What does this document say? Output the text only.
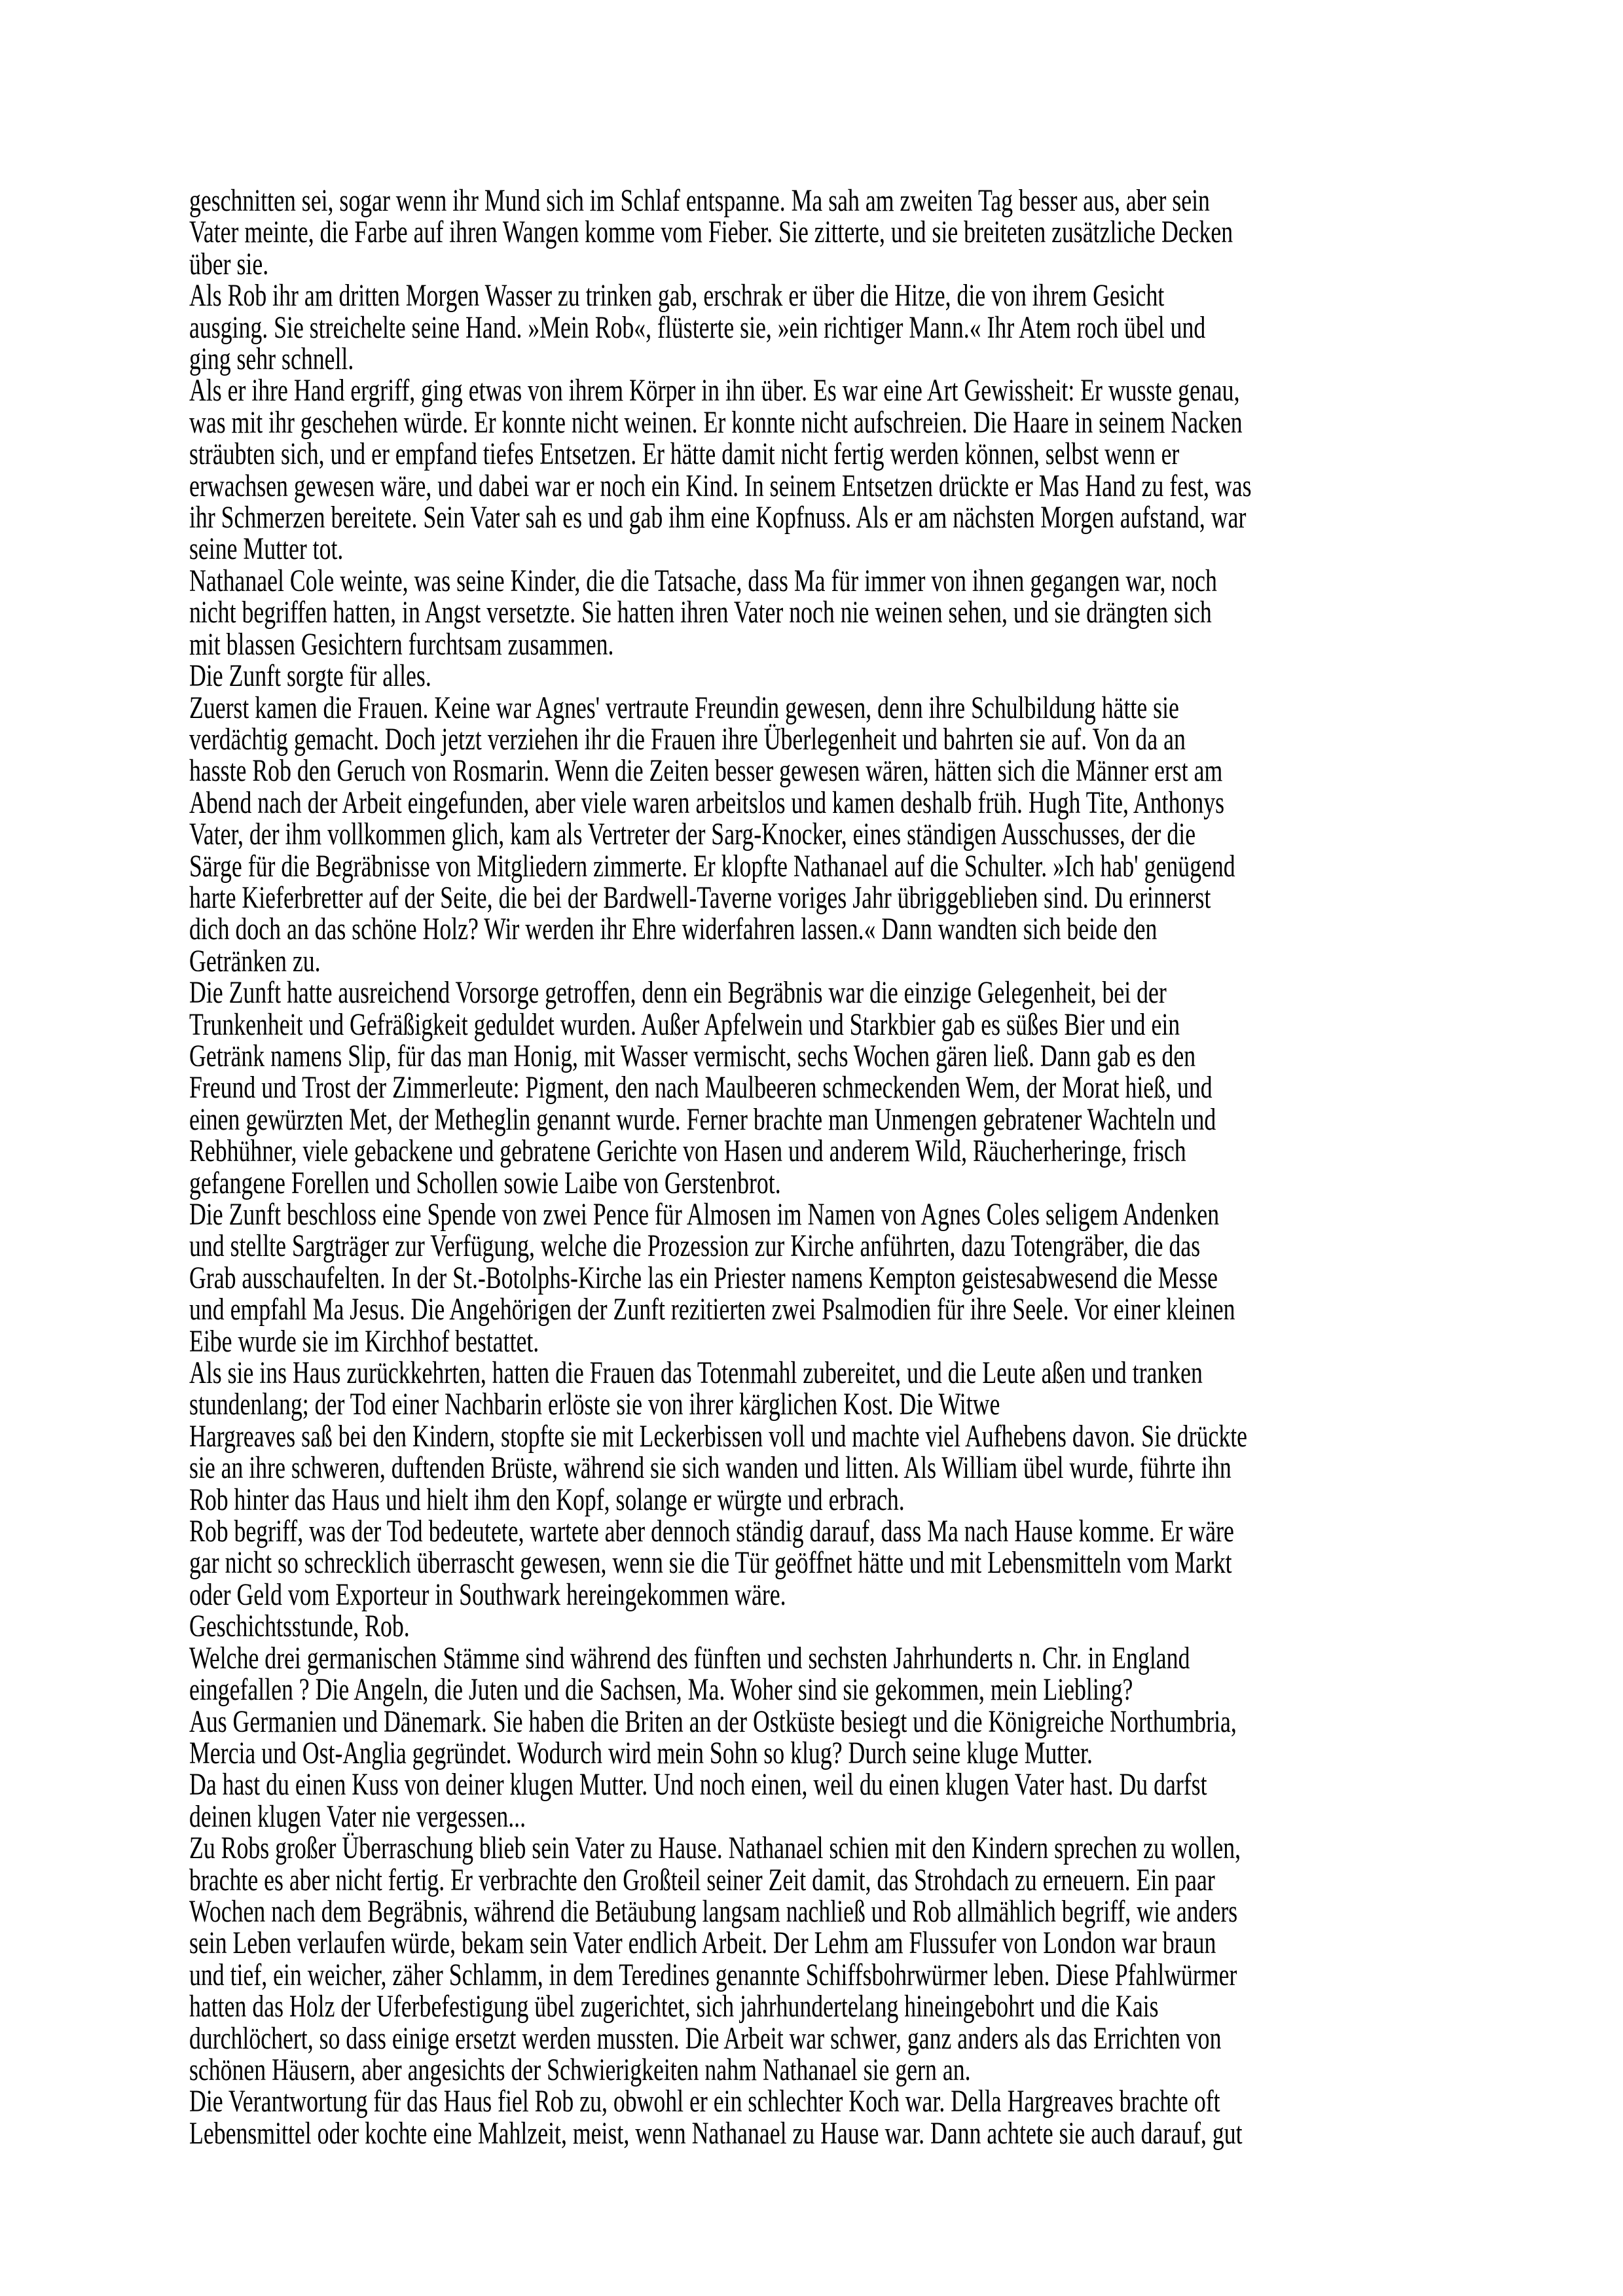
geschnitten sei, sogar wenn ihr Mund sich im Schlaf entspanne. Ma sah am zweiten Tag besser aus, aber sein
Vater meinte, die Farbe auf ihren Wangen komme vom Fieber. Sie zitterte, und sie breiteten zusätzliche Decken
über sie.
Als Rob ihr am dritten Morgen Wasser zu trinken gab, erschrak er über die Hitze, die von ihrem Gesicht
ausging. Sie streichelte seine Hand. »Mein Rob«, flüsterte sie, »ein richtiger Mann.« Ihr Atem roch übel und
ging sehr schnell.
Als er ihre Hand ergriff, ging etwas von ihrem Körper in ihn über. Es war eine Art Gewissheit: Er wusste genau,
was mit ihr geschehen würde. Er konnte nicht weinen. Er konnte nicht aufschreien. Die Haare in seinem Nacken
sträubten sich, und er empfand tiefes Entsetzen. Er hätte damit nicht fertig werden können, selbst wenn er
erwachsen gewesen wäre, und dabei war er noch ein Kind. In seinem Entsetzen drückte er Mas Hand zu fest, was
ihr Schmerzen bereitete. Sein Vater sah es und gab ihm eine Kopfnuss. Als er am nächsten Morgen aufstand, war
seine Mutter tot.
Nathanael Cole weinte, was seine Kinder, die die Tatsache, dass Ma für immer von ihnen gegangen war, noch
nicht begriffen hatten, in Angst versetzte. Sie hatten ihren Vater noch nie weinen sehen, und sie drängten sich
mit blassen Gesichtern furchtsam zusammen.
Die Zunft sorgte für alles.
Zuerst kamen die Frauen. Keine war Agnes' vertraute Freundin gewesen, denn ihre Schulbildung hätte sie
verdächtig gemacht. Doch jetzt verziehen ihr die Frauen ihre Überlegenheit und bahrten sie auf. Von da an
hasste Rob den Geruch von Rosmarin. Wenn die Zeiten besser gewesen wären, hätten sich die Männer erst am
Abend nach der Arbeit eingefunden, aber viele waren arbeitslos und kamen deshalb früh. Hugh Tite, Anthonys
Vater, der ihm vollkommen glich, kam als Vertreter der Sarg-Knocker, eines ständigen Ausschusses, der die
Särge für die Begräbnisse von Mitgliedern zimmerte. Er klopfte Nathanael auf die Schulter. »Ich hab' genügend
harte Kieferbretter auf der Seite, die bei der Bardwell-Taverne voriges Jahr übriggeblieben sind. Du erinnerst
dich doch an das schöne Holz? Wir werden ihr Ehre widerfahren lassen.« Dann wandten sich beide den
Getränken zu.
Die Zunft hatte ausreichend Vorsorge getroffen, denn ein Begräbnis war die einzige Gelegenheit, bei der
Trunkenheit und Gefräßigkeit geduldet wurden. Außer Apfelwein und Starkbier gab es süßes Bier und ein
Getränk namens Slip, für das man Honig, mit Wasser vermischt, sechs Wochen gären ließ. Dann gab es den
Freund und Trost der Zimmerleute: Pigment, den nach Maulbeeren schmeckenden Wem, der Morat hieß, und
einen gewürzten Met, der Metheglin genannt wurde. Ferner brachte man Unmengen gebratener Wachteln und
Rebhühner, viele gebackene und gebratene Gerichte von Hasen und anderem Wild, Räucherheringe, frisch
gefangene Forellen und Schollen sowie Laibe von Gerstenbrot.
Die Zunft beschloss eine Spende von zwei Pence für Almosen im Namen von Agnes Coles seligem Andenken
und stellte Sargträger zur Verfügung, welche die Prozession zur Kirche anführten, dazu Totengräber, die das
Grab ausschaufelten. In der St.-Botolphs-Kirche las ein Priester namens Kempton geistesabwesend die Messe
und empfahl Ma Jesus. Die Angehörigen der Zunft rezitierten zwei Psalmodien für ihre Seele. Vor einer kleinen
Eibe wurde sie im Kirchhof bestattet.
Als sie ins Haus zurückkehrten, hatten die Frauen das Totenmahl zubereitet, und die Leute aßen und tranken
stundenlang; der Tod einer Nachbarin erlöste sie von ihrer kärglichen Kost. Die Witwe
Hargreaves saß bei den Kindern, stopfte sie mit Leckerbissen voll und machte viel Aufhebens davon. Sie drückte
sie an ihre schweren, duftenden Brüste, während sie sich wanden und litten. Als William übel wurde, führte ihn
Rob hinter das Haus und hielt ihm den Kopf, solange er würgte und erbrach.
Rob begriff, was der Tod bedeutete, wartete aber dennoch ständig darauf, dass Ma nach Hause komme. Er wäre
gar nicht so schrecklich überrascht gewesen, wenn sie die Tür geöffnet hätte und mit Lebensmitteln vom Markt
oder Geld vom Exporteur in Southwark hereingekommen wäre.
Geschichtsstunde, Rob.
Welche drei germanischen Stämme sind während des fünften und sechsten Jahrhunderts n. Chr. in England
eingefallen ? Die Angeln, die Juten und die Sachsen, Ma. Woher sind sie gekommen, mein Liebling?
Aus Germanien und Dänemark. Sie haben die Briten an der Ostküste besiegt und die Königreiche Northumbria,
Mercia und Ost-Anglia gegründet. Wodurch wird mein Sohn so klug? Durch seine kluge Mutter.
Da hast du einen Kuss von deiner klugen Mutter. Und noch einen, weil du einen klugen Vater hast. Du darfst
deinen klugen Vater nie vergessen...
Zu Robs großer Überraschung blieb sein Vater zu Hause. Nathanael schien mit den Kindern sprechen zu wollen,
brachte es aber nicht fertig. Er verbrachte den Großteil seiner Zeit damit, das Strohdach zu erneuern. Ein paar
Wochen nach dem Begräbnis, während die Betäubung langsam nachließ und Rob allmählich begriff, wie anders
sein Leben verlaufen würde, bekam sein Vater endlich Arbeit. Der Lehm am Flussufer von London war braun
und tief, ein weicher, zäher Schlamm, in dem Teredines genannte Schiffsbohrwürmer leben. Diese Pfahlwürmer
hatten das Holz der Uferbefestigung übel zugerichtet, sich jahrhundertelang hineingebohrt und die Kais
durchlöchert, so dass einige ersetzt werden mussten. Die Arbeit war schwer, ganz anders als das Errichten von
schönen Häusern, aber angesichts der Schwierigkeiten nahm Nathanael sie gern an.
Die Verantwortung für das Haus fiel Rob zu, obwohl er ein schlechter Koch war. Della Hargreaves brachte oft
Lebensmittel oder kochte eine Mahlzeit, meist, wenn Nathanael zu Hause war. Dann achtete sie auch darauf, gut
